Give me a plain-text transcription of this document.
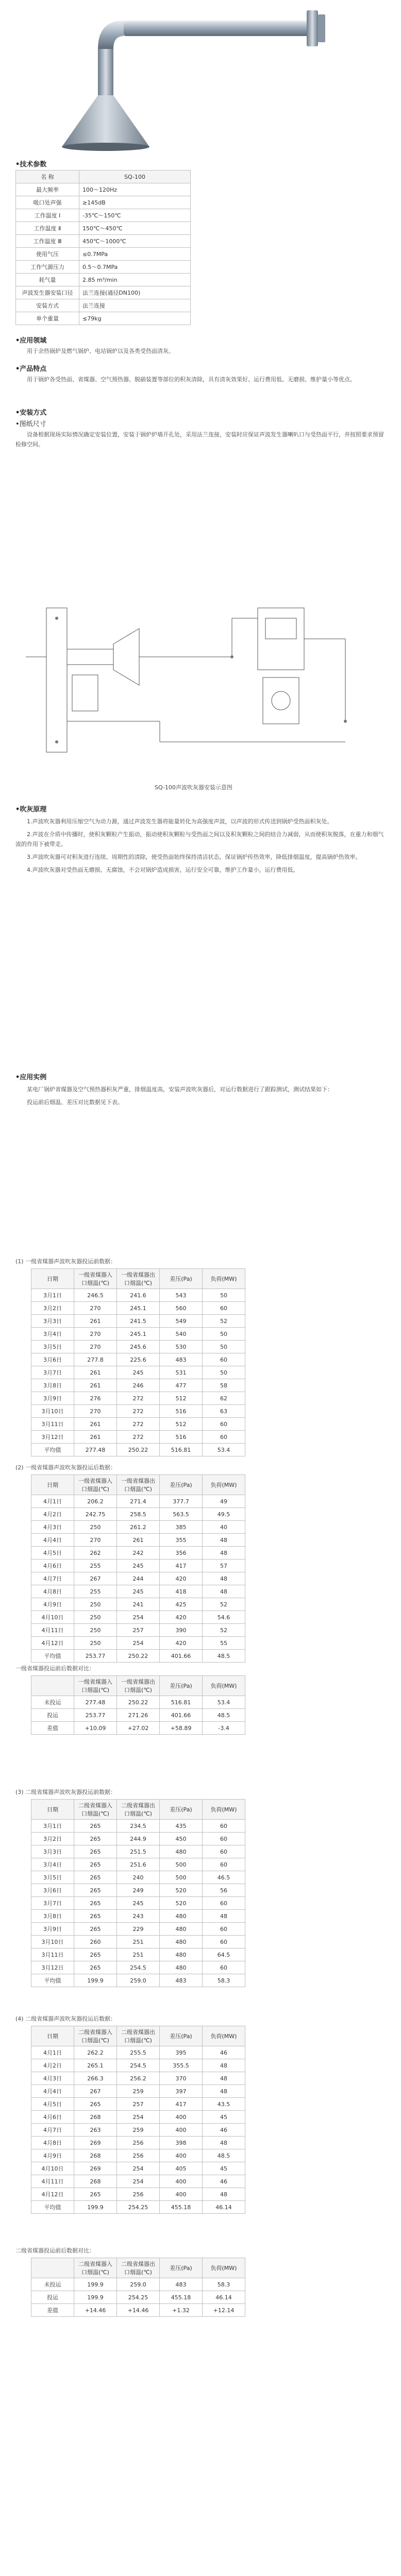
•技术参数
名 称	SQ-100
最大频率	100～120Hz
吸口处声强	≥145dB
工作温度 Ⅰ	-35℃～150℃
工作温度 Ⅱ	150℃～450℃
工作温度 Ⅲ	450℃～1000℃
使用气压	≤0.7MPa
工作气源压力	0.5～0.7MPa
耗气量	2.85 m³/min
声波发生器安装口径	法兰连接(通径DN100)
安装方式	法兰连接
单个重量	≤79kg
•应用领域

用于余热锅炉及燃气锅炉、电站锅炉以及各类受热面清灰。

•产品特点

用于锅炉各受热面、省煤器、空气预热器、脱硝装置等部位的积灰清除，具有清灰效果好、运行费用低、无磨损、维护量小等优点。

•安装方式
•图纸尺寸

设备根据现场实际情况确定安装位置，安装于锅炉炉墙开孔处，采用法兰连接，安装时应保证声波发生器喇叭口与受热面平行，并按照要求预留检修空间。

SQ-100声波吹灰器安装示意图
•吹灰原理

1.声波吹灰器利用压缩空气为动力源，通过声波发生器将能量转化为高强度声波，以声波的形式传送到锅炉受热面积灰处。

2.声波在介质中传播时，使积灰颗粒产生振动，振动使积灰颗粒与受热面之间以及积灰颗粒之间的结合力减弱，从而使积灰脱落，在重力和烟气流的作用下被带走。

3.声波吹灰器可对积灰进行连续、周期性的清除，使受热面始终保持清洁状态，保证锅炉传热效率，降低排烟温度，提高锅炉热效率。

4.声波吹灰器对受热面无磨损、无腐蚀，不会对锅炉造成损害，运行安全可靠，维护工作量小，运行费用低。

•应用实例

某电厂锅炉省煤器及空气预热器积灰严重，排烟温度高，安装声波吹灰器后，对运行数据进行了跟踪测试，测试结果如下：

投运前后烟温、差压对比数据见下表。

(1) 一级省煤器声波吹灰器投运前数据：
日期	一级省煤器入口烟温(℃)	一级省煤器出口烟温(℃)	差压(Pa)	负荷(MW)
3月1日	246.5	241.6	543	50
3月2日	270	245.1	560	60
3月3日	261	241.5	549	52
3月4日	270	245.1	540	50
3月5日	270	245.6	530	50
3月6日	277.8	225.6	483	60
3月7日	261	245	531	50
3月8日	261	246	477	58
3月9日	276	272	512	62
3月10日	270	272	516	63
3月11日	261	272	512	60
3月12日	261	272	516	60
平均值	277.48	250.22	516.81	53.4
(2) 一级省煤器声波吹灰器投运后数据：
日期	一级省煤器入口烟温(℃)	一级省煤器出口烟温(℃)	差压(Pa)	负荷(MW)
4月1日	206.2	271.4	377.7	49
4月2日	242.75	258.5	563.5	49.5
4月3日	250	261.2	385	40
4月4日	270	261	355	48
4月5日	262	242	356	48
4月6日	255	245	417	57
4月7日	267	244	420	48
4月8日	255	245	418	48
4月9日	250	241	425	52
4月10日	250	254	420	54.6
4月11日	250	257	390	52
4月12日	250	254	420	55
平均值	253.77	250.22	401.66	48.5
一级省煤器投运前后数据对比：
	一级省煤器入口烟温(℃)	一级省煤器出口烟温(℃)	差压(Pa)	负荷(MW)
未投运	277.48	250.22	516.81	53.4
投运	253.77	271.26	401.66	48.5
差值	+10.09	+27.02	+58.89	-3.4
(3) 二级省煤器声波吹灰器投运前数据：
日期	二级省煤器入口烟温(℃)	二级省煤器出口烟温(℃)	差压(Pa)	负荷(MW)
3月1日	265	234.5	435	60
3月2日	265	244.9	450	60
3月3日	265	251.5	480	60
3月4日	265	251.6	500	60
3月5日	265	240	500	46.5
3月6日	265	249	520	56
3月7日	265	245	520	60
3月8日	265	243	480	48
3月9日	265	229	480	60
3月10日	260	251	480	60
3月11日	265	251	480	64.5
3月12日	265	254.5	480	60
平均值	199.9	259.0	483	58.3
(4) 二级省煤器声波吹灰器投运后数据：
日期	二级省煤器入口烟温(℃)	二级省煤器出口烟温(℃)	差压(Pa)	负荷(MW)
4月1日	262.2	255.5	395	46
4月2日	265.1	254.5	355.5	48
4月3日	266.3	256.2	370	48
4月4日	267	259	397	48
4月5日	265	257	417	43.5
4月6日	268	254	400	45
4月7日	263	259	400	46
4月8日	269	256	398	48
4月9日	268	256	400	48.5
4月10日	269	254	405	45
4月11日	268	254	400	46
4月12日	265	256	400	48
平均值	199.9	254.25	455.18	46.14
二级省煤器投运前后数据对比：
	二级省煤器入口烟温(℃)	二级省煤器出口烟温(℃)	差压(Pa)	负荷(MW)
未投运	199.9	259.0	483	58.3
投运	199.9	254.25	455.18	46.14
差值	+14.46	+14.46	+1.32	+12.14
